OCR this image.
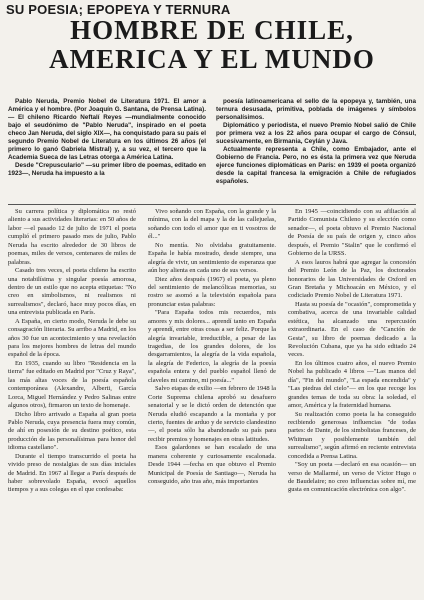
SU POESIA; EPOPEYA Y TERNURA
HOMBRE DE CHILE,
AMERICA Y EL MUNDO

Pablo Neruda, Premio Nobel de Literatura 1971. El amor a América y el hombre. (Por Joaquín G. Santana, de Prensa Latina).— El chileno Ricardo Neftalí Reyes —mundialmente conocido bajo el seudónimo de "Pablo Neruda", inspirado en el poeta checo Jan Neruda, del siglo XIX—, ha conquistado para su país el segundo Premio Nobel de Literatura en los últimos 26 años (el primero lo ganó Gabriela Mistral) y, a su vez, el tercero que la Academia Sueca de las Letras otorga a América Latina.

Desde "Crepusculario" —su primer libro de poemas, editado en 1923—, Neruda ha impuesto a la

poesía latinoamericana el sello de la epopeya y, también, una ternura desusada, primitiva, poblada de imágenes y símbolos personalísimos.

Diplomático y periodista, el nuevo Premio Nobel salió de Chile por primera vez a los 22 años para ocupar el cargo de Cónsul, sucesivamente, en Birmania, Ceylán y Java.

Actualmente representa a Chile, como Embajador, ante el Gobierno de Francia. Pero, no es ésta la primera vez que Neruda ejerce funciones diplomáticas en París: en 1939 el poeta organizó desde la capital francesa la emigración a Chile de refugiados españoles.

Su carrera política y diplomática no restó aliento a sus actividades literarias: en 50 años de labor —el pasado 12 de julio de 1971 el poeta cumplió el primero pasado mes de julio, Pablo Neruda ha escrito alrededor de 30 libros de poemas, miles de versos, centenares de miles de palabras.

Casado tres veces, el poeta chileno ha escrito una notabilísima y singular poesía amorosa, dentro de un estilo que no acepta etiquetas: "No creo en simbolismos, ni realismos ni surrealismos", declaró, hace muy pocos días, en una entrevista publicada en París.

A España, en cierto modo, Neruda le debe su consagración literaria. Su arribo a Madrid, en los años 30 fue un acontecimiento y una revelación para los mejores hombres de letras del mundo español de la época.

En 1935, cuando su libro "Residencia en la tierra" fue editado en Madrid por "Cruz y Raya", las más altas voces de la poesía española contemporánea (Alexandre, Alberti, García Lorca, Miguel Hernández y Pedro Salinas entre algunos otros), firmaron un texto de homenaje.

Dicho libro arrivado a España al gran poeta Pablo Neruda, cuya presencia fuera muy común, de ahí en posesión de su destino poético, esta producción de las personalísimas para honor del idioma castellano".

Durante el tiempo transcurrido el poeta ha vivido preso de nostalgias de sus días iniciales de Madrid. En 1967 al llegar a París después de haber sobrevolado España, evocó aquellos tiempos y a sus colegas en el que confesaba:

Vivo soñando con España, con la grande y la mínima, con la del mapa y la de las callejuelas, soñando con todo el amor que en ti vosotros de él..."

No mentía. No olvidaba gratuitamente. España le había mostrado, desde siempre, una alegría de vivir, un sentimiento de esperanza que aún hoy alienta en cada uno de sus versos.

Diez años después (1967) el poeta, ya pleno del sentimiento de melancólicas memorias, su rostro se asomó a la televisión española para pronunciar estas palabras:

"Para España todos mis recuerdos, mis amores y mis dolores... aprendí tanto en España y aprendí, entre otras cosas a ser feliz. Porque la alegría invariable, irreductible, a pesar de las tragedias, de los grandes dolores, de los desgarramientos, la alegría de la vida española, la alegría de Federico, la alegría de la poesía española entera y del pueblo español llenó de claveles mi camino, mi poesía..."

Salvo etapas de exilio —en febrero de 1948 la Corte Suprema chilena aprobó su desafuero senatorial y se le dictó orden de detención que Neruda eludió escapando a la montaña y por cierto, fuentes de arduo y de servicio clandestino—, el poeta sólo ha abandonado su país para recibir premios y homenajes en otras latitudes.

Esos galardones se han escalado de una manera coherente y curiosamente escalonada. Desde 1944 —fecha en que obtuvo el Premio Municipal de Poesía de Santiago—, Neruda ha conseguido, año tras año, más importantes

En 1945 —coincidiendo con su afiliación al Partido Comunista Chileno y su elección como senador—, el poeta obtuvo el Premio Nacional de Poesía de su país de origen y, cinco años después, el Premio "Stalin" que le confirmó el Gobierno de la URSS.

A esos lauros habrá que agregar la concesión del Premio León de la Paz, los doctorados honorarios de las Universidades de Oxford en Gran Bretaña y Michoacán en México, y el codiciado Premio Nobel de Literatura 1971.

Hasta su poesía de "ocasión", comprometida y combativa, acerca de una invariable calidad estética, ha alcanzado una repercusión extraordinaria. En el caso de "Canción de Gesta", su libro de poemas dedicado a la Revolución Cubana, que ya ha sido editado 24 veces.

En los últimos cuatro años, el nuevo Premio Nobel ha publicado 4 libros —"Las manos del día", "Fin del mundo", "La espada encendida" y "Las piedras del cielo"— en los que recoge los grandes temas de toda su obra: la soledad, el amor, América y la fraternidad humana.

Su realización como poeta la ha conseguido recibiendo generosas influencias "de todas partes: de Dante, de los simbolistas franceses, de Whitman y posiblemente también del surrealismo", según afirmó en reciente entrevista concedida a Prensa Latina.

"Soy un poeta —declaró en esa ocasión— un verso de Mallarmé, un verso de Víctor Hugo o de Baudelaire; no creo influencias sobre mí, me gusta en comunicación electrónica con algo".
